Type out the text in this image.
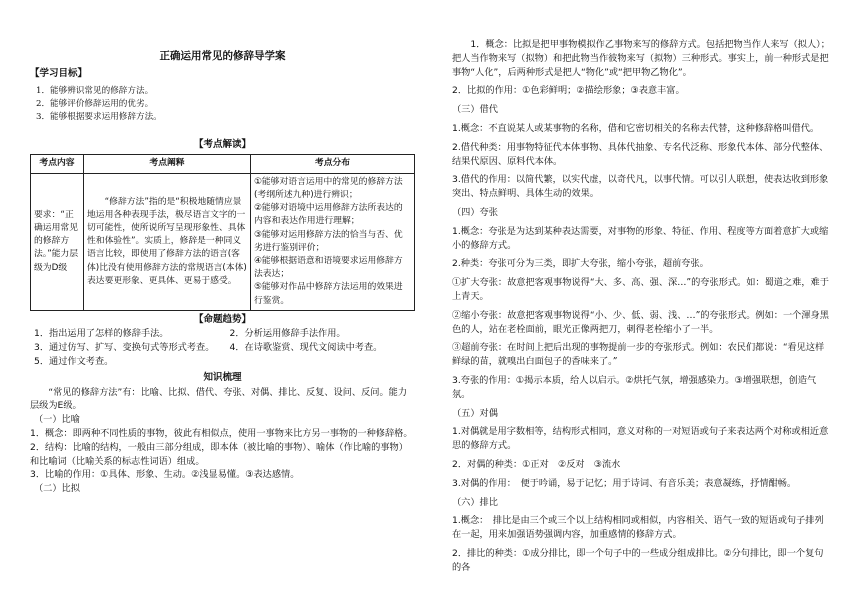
正确运用常见的修辞导学案
【学习目标】

1．能够辨识常见的修辞方法。

2．能够评价修辞运用的优劣。

3．能够根据要求运用修辞方法。

【考点解读】
考点内容	考点阐释	考点分布
要求：“正确运用常见的修辞方法。”能力层级为D级	“修辞方法”指的是“积极地随情应景地运用各种表现手法，极尽语言文字的一切可能性，使所说所写呈现形象性、具体性和体验性”。实质上，修辞是一种同义语言比较，即使用了修辞方法的语言(客体)比没有使用修辞方法的常规语言(本体)表达要更形象、更具体、更易于感受。	①能够对语言运用中的常见的修辞方法(考纲所述九种)进行辨识；
②能够对语境中运用修辞方法所表达的内容和表达作用进行理解；
③能够对运用修辞方法的恰当与否、优劣进行鉴别评价；
④能够根据语意和语境要求运用修辞方法表达；
⑤能够对作品中修辞方法运用的效果进行鉴赏。
【命题趋势】
1．指出运用了怎样的修辞手法。	2．分析运用修辞手法作用。
3．通过仿写、扩写、变换句式等形式考查。	4．在诗歌鉴赏、现代文阅读中考查。
5．通过作文考查。
知识梳理
“常见的修辞方法”有：比喻、比拟、借代、夸张、对偶、排比、反复、设问、反问。能力层级为E级。
（一）比喻
1．概念：即两种不同性质的事物，彼此有相似点，使用一事物来比方另一事物的一种修辞格。
2．结构：比喻的结构，一般由三部分组成，即本体（被比喻的事物）、喻体（作比喻的事物）和比喻词（比喻关系的标志性词语）组成。
3．比喻的作用：①具体、形象、生动。②浅显易懂。③表达感情。
（二）比拟

1．概念：比拟是把甲事物模拟作乙事物来写的修辞方式。包括把物当作人来写（拟人）；把人当作物来写（拟物）和把此物当作彼物来写（拟物）三种形式。事实上，前一种形式是把事物“人化”，后两种形式是把人“物化”或“把甲物乙物化”。

2．比拟的作用：①色彩鲜明；②描绘形象；③表意丰富。

（三）借代

1.概念：不直说某人或某事物的名称，借和它密切相关的名称去代替，这种修辞格叫借代。

2.借代种类：用事物特征代本体事物、具体代抽象、专名代泛称、形象代本体、部分代整体、结果代原因、原料代本体。

3.借代的作用：以简代繁，以实代虚，以奇代凡，以事代情。可以引人联想，使表达收到形象突出、特点鲜明、具体生动的效果。

（四）夸张

1.概念：夸张是为达到某种表达需要，对事物的形象、特征、作用、程度等方面着意扩大或缩小的修辞方式。

2.种类：夸张可分为三类，即扩大夸张，缩小夸张，超前夸张。

①扩大夸张：故意把客观事物说得“大、多、高、强、深…”的夸张形式。如：蜀道之难，难于上青天。

②缩小夸张：故意把客观事物说得“小、少、低、弱、浅、…”的夸张形式。例如：一个渾身黑色的人，站在老栓面前，眼光正像两把刀，刺得老栓缩小了一半。

③超前夸张：在时间上把后出现的事物提前一步的夸张形式。例如：农民们都说：“看见这样鲜绿的苗，就嗅出白面包子的香味来了。”

3.夸张的作用：①揭示本质，给人以启示。②烘托气氛，增强感染力。③增强联想，创造气氛。

（五）对偶

1.对偶就是用字数相等，结构形式相同，意义对称的一对短语或句子来表达两个对称或相近意思的修辞方式。

2．对偶的种类：①正对　②反对　③流水

3.对偶的作用：　便于吟诵，易于记忆；用于诗词、有音乐美；表意凝练，抒情酣畅。

（六）排比

1.概念：　排比是由三个或三个以上结构相同或相似，内容相关、语气一致的短语或句子排列在一起，用来加强语势强调内容，加重感情的修辞方式。

2．排比的种类：①成分排比，即一个句子中的一些成分组成排比。②分句排比，即一个复句的各
